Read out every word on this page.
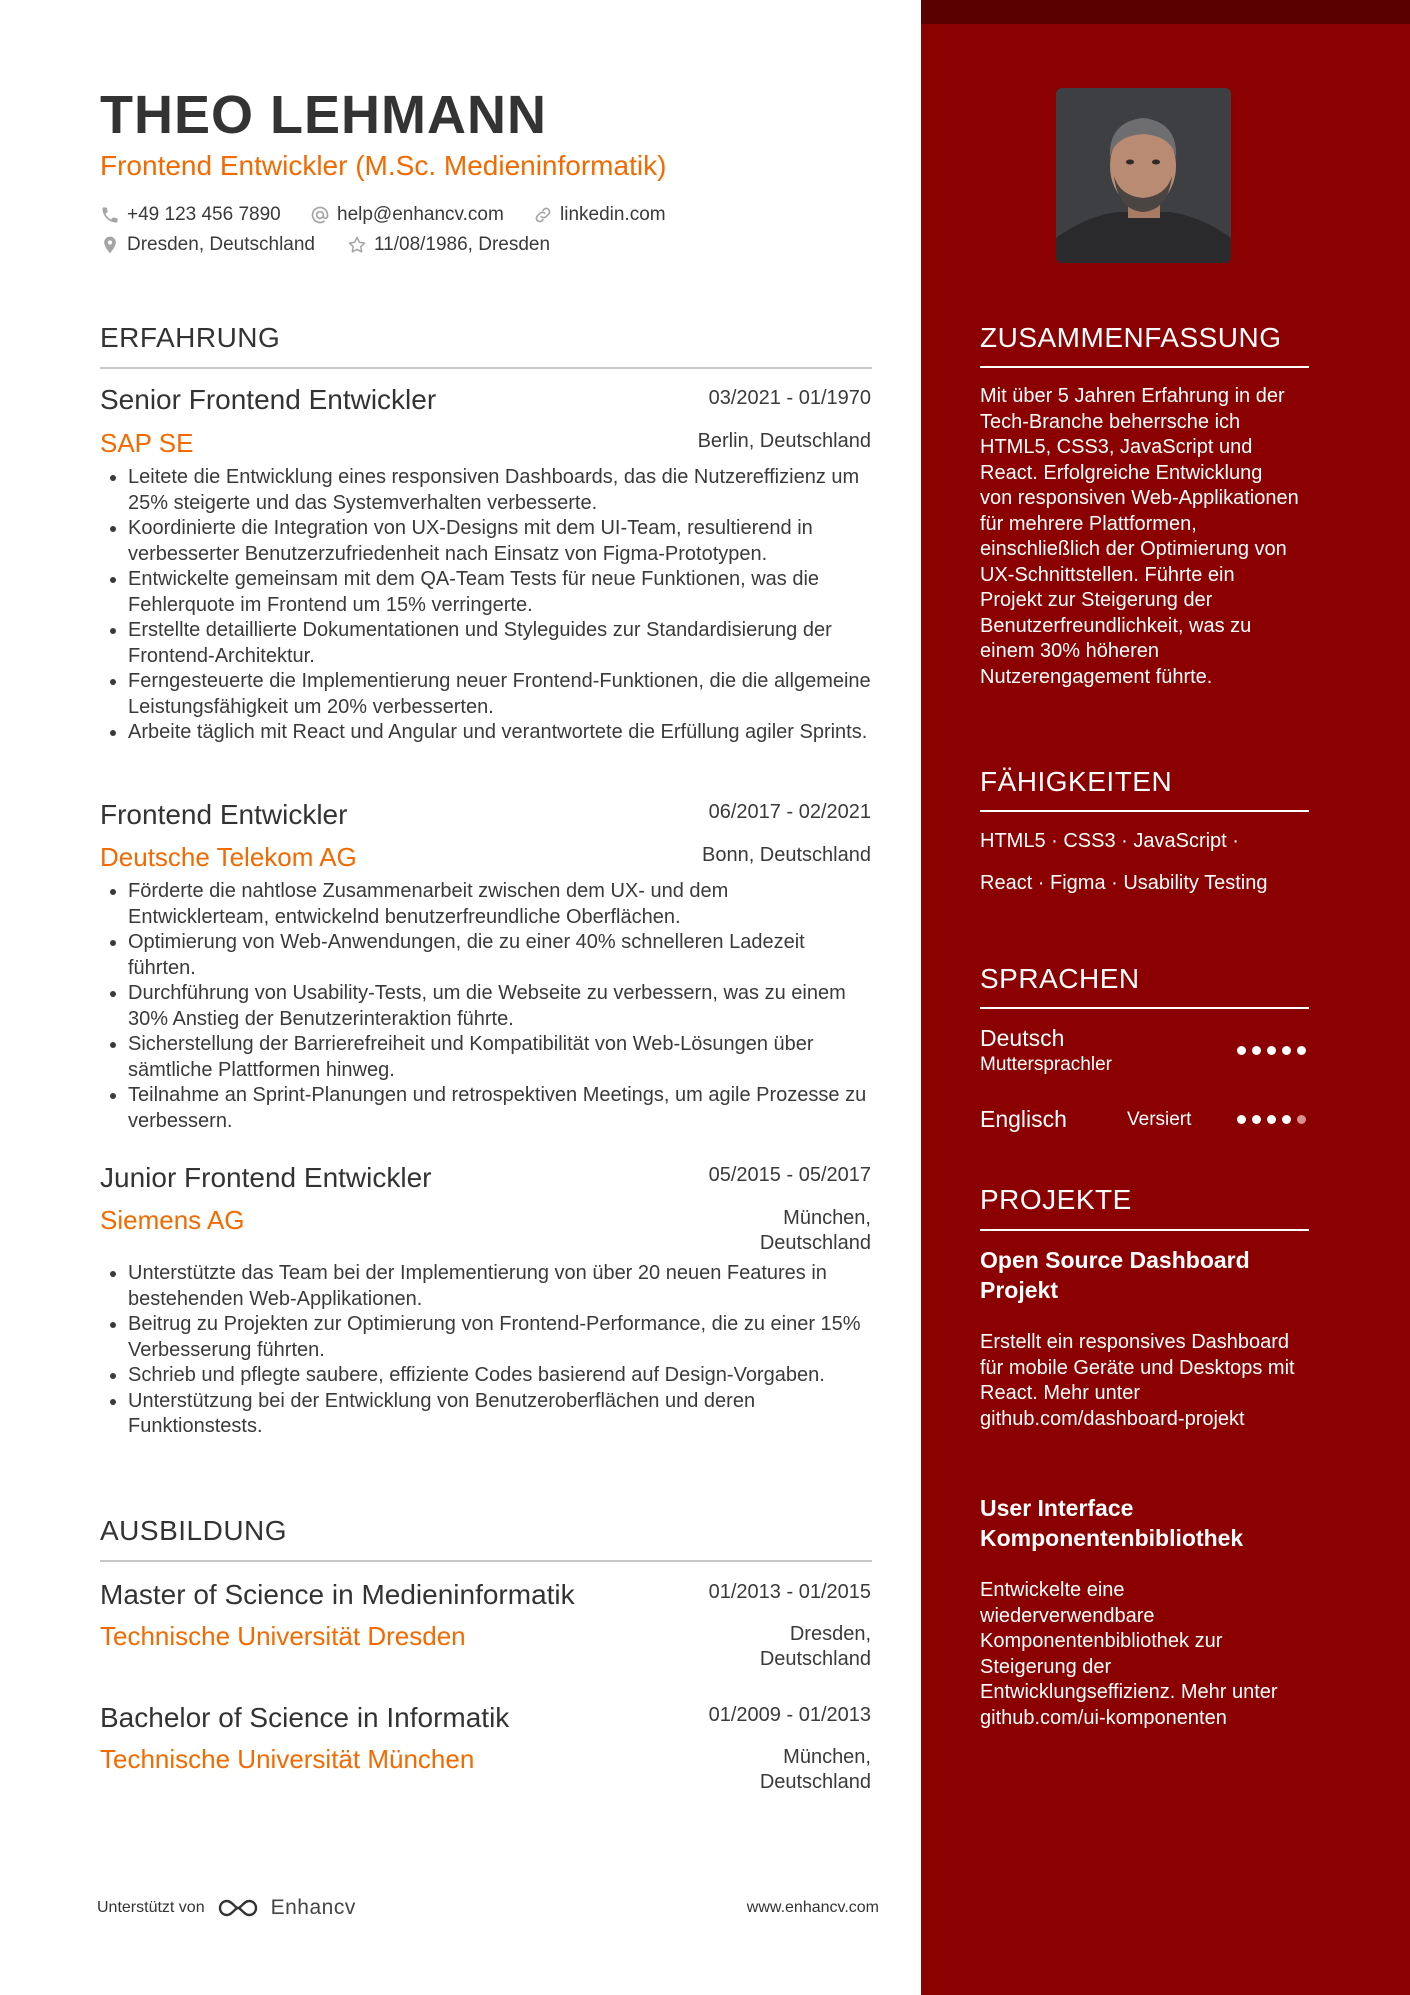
THEO LEHMANN
Frontend Entwickler (M.Sc. Medieninformatik)
+49 123 456 7890	help@enhancv.com	linkedin.com
Dresden, Deutschland	11/08/1986, Dresden
ERFAHRUNG
Senior Frontend Entwickler	03/2021 - 01/1970
SAP SE	Berlin, Deutschland
• Leitete die Entwicklung eines responsiven Dashboards, das die Nutzereffizienz um 25% steigerte und das Systemverhalten verbesserte.
• Koordinierte die Integration von UX-Designs mit dem UI-Team, resultierend in verbesserter Benutzerzufriedenheit nach Einsatz von Figma-Prototypen.
• Entwickelte gemeinsam mit dem QA-Team Tests für neue Funktionen, was die Fehlerquote im Frontend um 15% verringerte.
• Erstellte detaillierte Dokumentationen und Styleguides zur Standardisierung der Frontend-Architektur.
• Ferngesteuerte die Implementierung neuer Frontend-Funktionen, die die allgemeine Leistungsfähigkeit um 20% verbesserten.
• Arbeite täglich mit React und Angular und verantwortete die Erfüllung agiler Sprints.
Frontend Entwickler	06/2017 - 02/2021
Deutsche Telekom AG	Bonn, Deutschland
• Förderte die nahtlose Zusammenarbeit zwischen dem UX- und dem Entwicklerteam, entwickelnd benutzerfreundliche Oberflächen.
• Optimierung von Web-Anwendungen, die zu einer 40% schnelleren Ladezeit führten.
• Durchführung von Usability-Tests, um die Webseite zu verbessern, was zu einem 30% Anstieg der Benutzerinteraktion führte.
• Sicherstellung der Barrierefreiheit und Kompatibilität von Web-Lösungen über sämtliche Plattformen hinweg.
• Teilnahme an Sprint-Planungen und retrospektiven Meetings, um agile Prozesse zu verbessern.
Junior Frontend Entwickler	05/2015 - 05/2017
Siemens AG	München,
Deutschland
• Unterstützte das Team bei der Implementierung von über 20 neuen Features in bestehenden Web-Applikationen.
• Beitrug zu Projekten zur Optimierung von Frontend-Performance, die zu einer 15% Verbesserung führten.
• Schrieb und pflegte saubere, effiziente Codes basierend auf Design-Vorgaben.
• Unterstützung bei der Entwicklung von Benutzeroberflächen und deren Funktionstests.
AUSBILDUNG
Master of Science in Medieninformatik	01/2013 - 01/2015
Technische Universität Dresden	Dresden,
Deutschland
Bachelor of Science in Informatik	01/2009 - 01/2013
Technische Universität München	München,
Deutschland
Unterstützt von	Enhancv	www.enhancv.com
ZUSAMMENFASSUNG
Mit über 5 Jahren Erfahrung in der Tech-Branche beherrsche ich HTML5, CSS3, JavaScript und React. Erfolgreiche Entwicklung von responsiven Web-Applikationen für mehrere Plattformen, einschließlich der Optimierung von UX-Schnittstellen. Führte ein Projekt zur Steigerung der Benutzerfreundlichkeit, was zu einem 30% höheren Nutzerengagement führte.
FÄHIGKEITEN
HTML5 · CSS3 · JavaScript ·
React · Figma · Usability Testing
SPRACHEN
Deutsch
Muttersprachler
Englisch	Versiert
PROJEKTE
Open Source Dashboard Projekt
Erstellt ein responsives Dashboard für mobile Geräte und Desktops mit React. Mehr unter github.com/dashboard-projekt
User Interface Komponentenbibliothek
Entwickelte eine wiederverwendbare Komponentenbibliothek zur Steigerung der Entwicklungseffizienz. Mehr unter github.com/ui-komponenten
